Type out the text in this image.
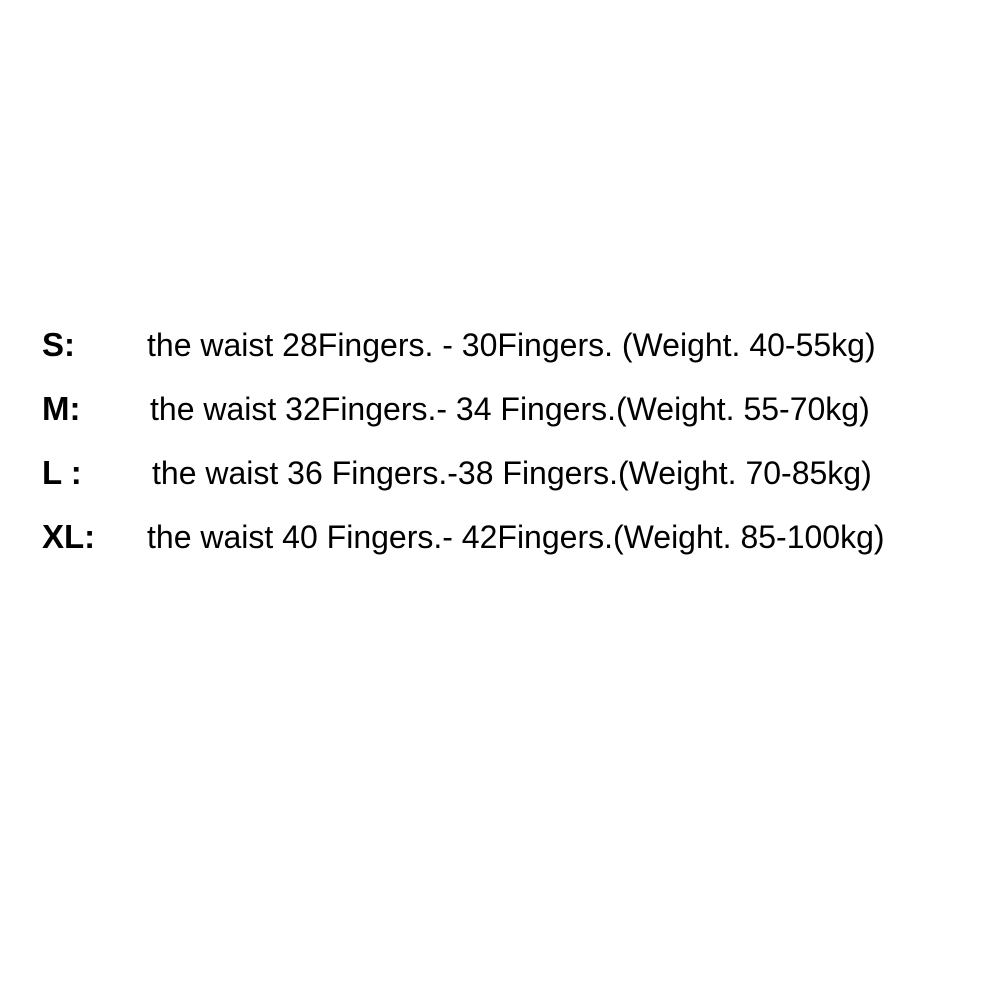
S:	the waist 28Fingers. - 30Fingers. (Weight. 40-55kg)
M:	the waist 32Fingers.- 34 Fingers.(Weight. 55-70kg)
L :	the waist 36 Fingers.-38 Fingers.(Weight. 70-85kg)
XL:	the waist 40 Fingers.- 42Fingers.(Weight. 85-100kg)
